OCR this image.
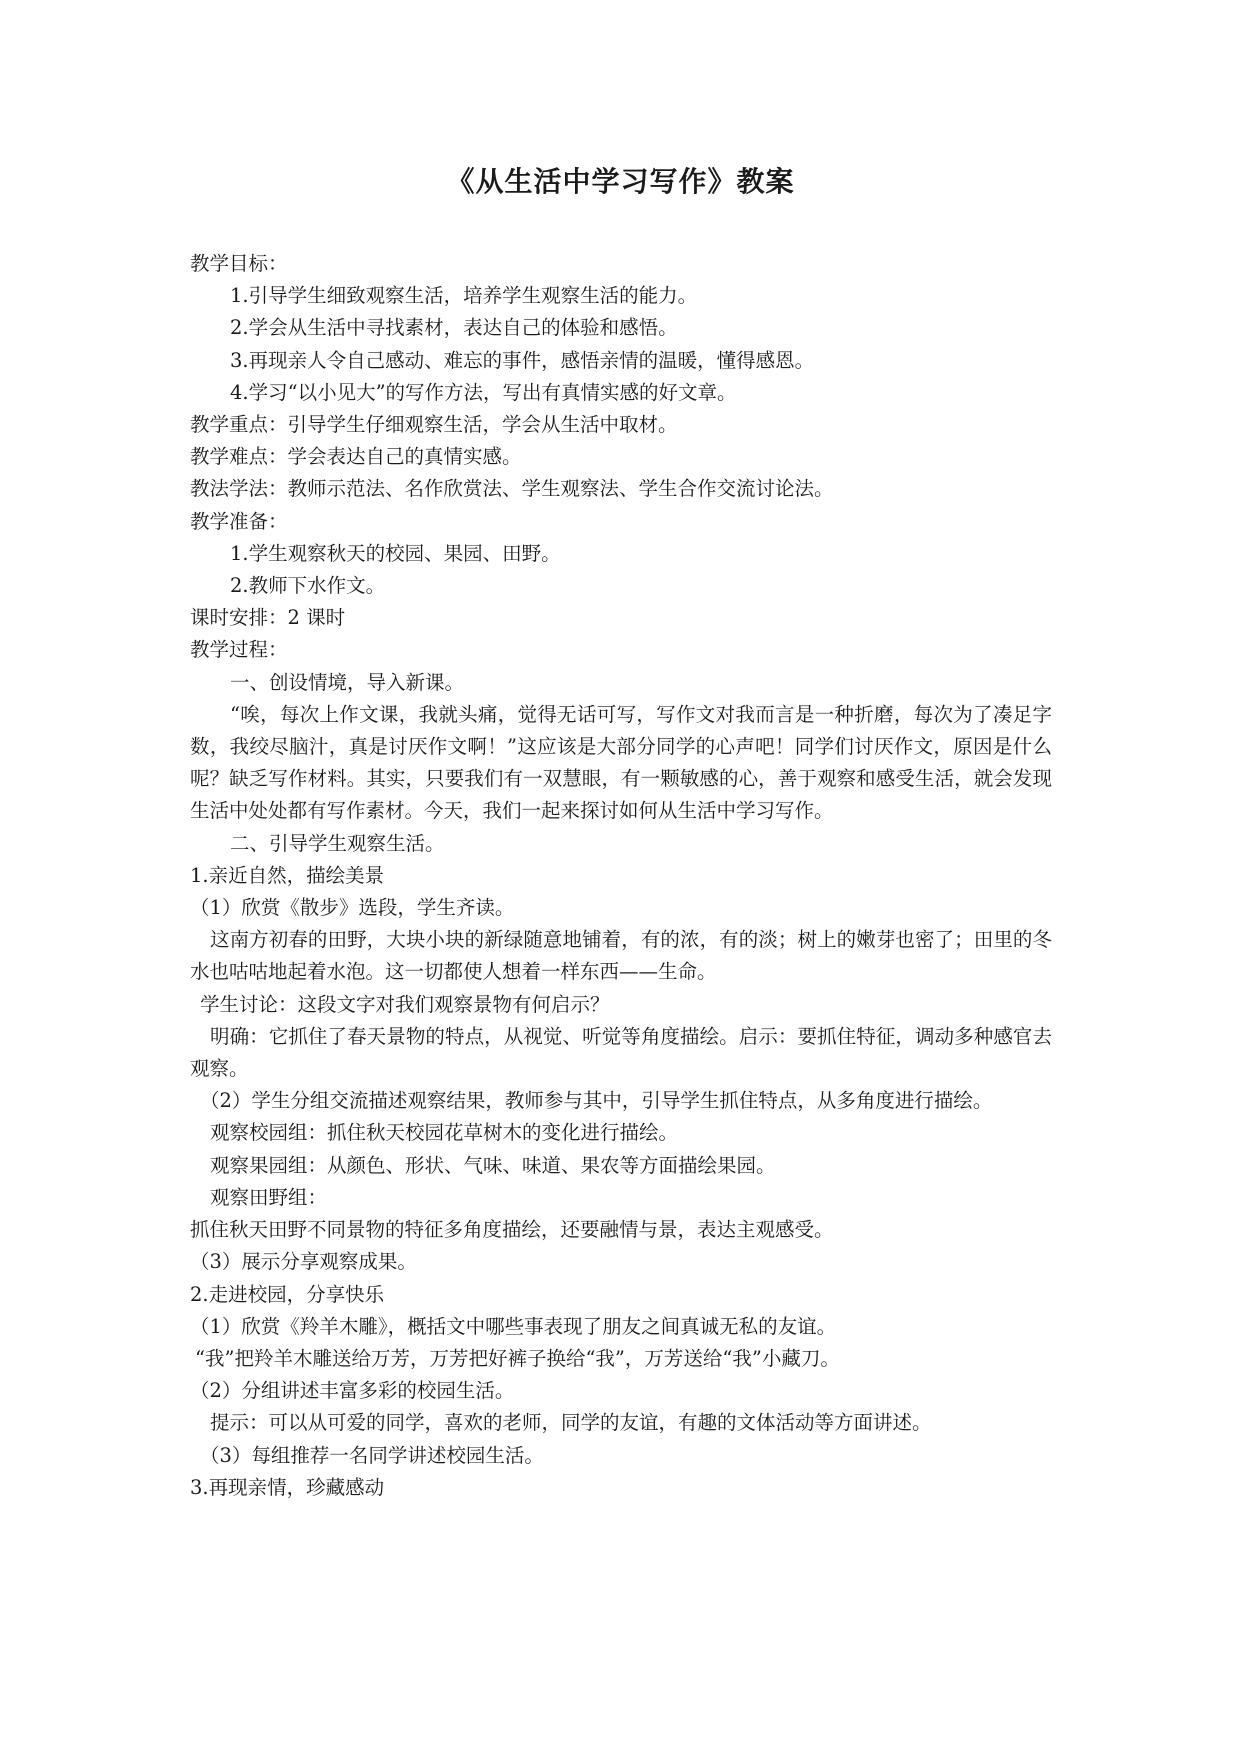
《从生活中学习写作》教案

教学目标：

1.引导学生细致观察生活，培养学生观察生活的能力。

2.学会从生活中寻找素材，表达自己的体验和感悟。

3.再现亲人令自己感动、难忘的事件，感悟亲情的温暖，懂得感恩。

4.学习“以小见大”的写作方法，写出有真情实感的好文章。

教学重点：引导学生仔细观察生活，学会从生活中取材。

教学难点：学会表达自己的真情实感。

教法学法：教师示范法、名作欣赏法、学生观察法、学生合作交流讨论法。

教学准备：

1.学生观察秋天的校园、果园、田野。

2.教师下水作文。

课时安排：2 课时

教学过程：

一、创设情境，导入新课。

“唉，每次上作文课，我就头痛，觉得无话可写，写作文对我而言是一种折磨，每次为了凑足字数，我绞尽脑汁，真是讨厌作文啊！”这应该是大部分同学的心声吧！同学们讨厌作文，原因是什么呢？缺乏写作材料。其实，只要我们有一双慧眼，有一颗敏感的心，善于观察和感受生活，就会发现生活中处处都有写作素材。今天，我们一起来探讨如何从生活中学习写作。

二、引导学生观察生活。

1.亲近自然，描绘美景

（1）欣赏《散步》选段，学生齐读。

这南方初春的田野，大块小块的新绿随意地铺着，有的浓，有的淡；树上的嫩芽也密了；田里的冬水也咕咕地起着水泡。这一切都使人想着一样东西——生命。

学生讨论：这段文字对我们观察景物有何启示？

明确：它抓住了春天景物的特点，从视觉、听觉等角度描绘。启示：要抓住特征，调动多种感官去观察。

（2）学生分组交流描述观察结果，教师参与其中，引导学生抓住特点，从多角度进行描绘。

观察校园组：抓住秋天校园花草树木的变化进行描绘。

观察果园组：从颜色、形状、气味、味道、果农等方面描绘果园。

观察田野组：

抓住秋天田野不同景物的特征多角度描绘，还要融情与景，表达主观感受。

（3）展示分享观察成果。

2.走进校园，分享快乐

（1）欣赏《羚羊木雕》，概括文中哪些事表现了朋友之间真诚无私的友谊。

“我”把羚羊木雕送给万芳，万芳把好裤子换给“我”，万芳送给“我”小藏刀。

（2）分组讲述丰富多彩的校园生活。

提示：可以从可爱的同学，喜欢的老师，同学的友谊，有趣的文体活动等方面讲述。

（3）每组推荐一名同学讲述校园生活。

3.再现亲情，珍藏感动
